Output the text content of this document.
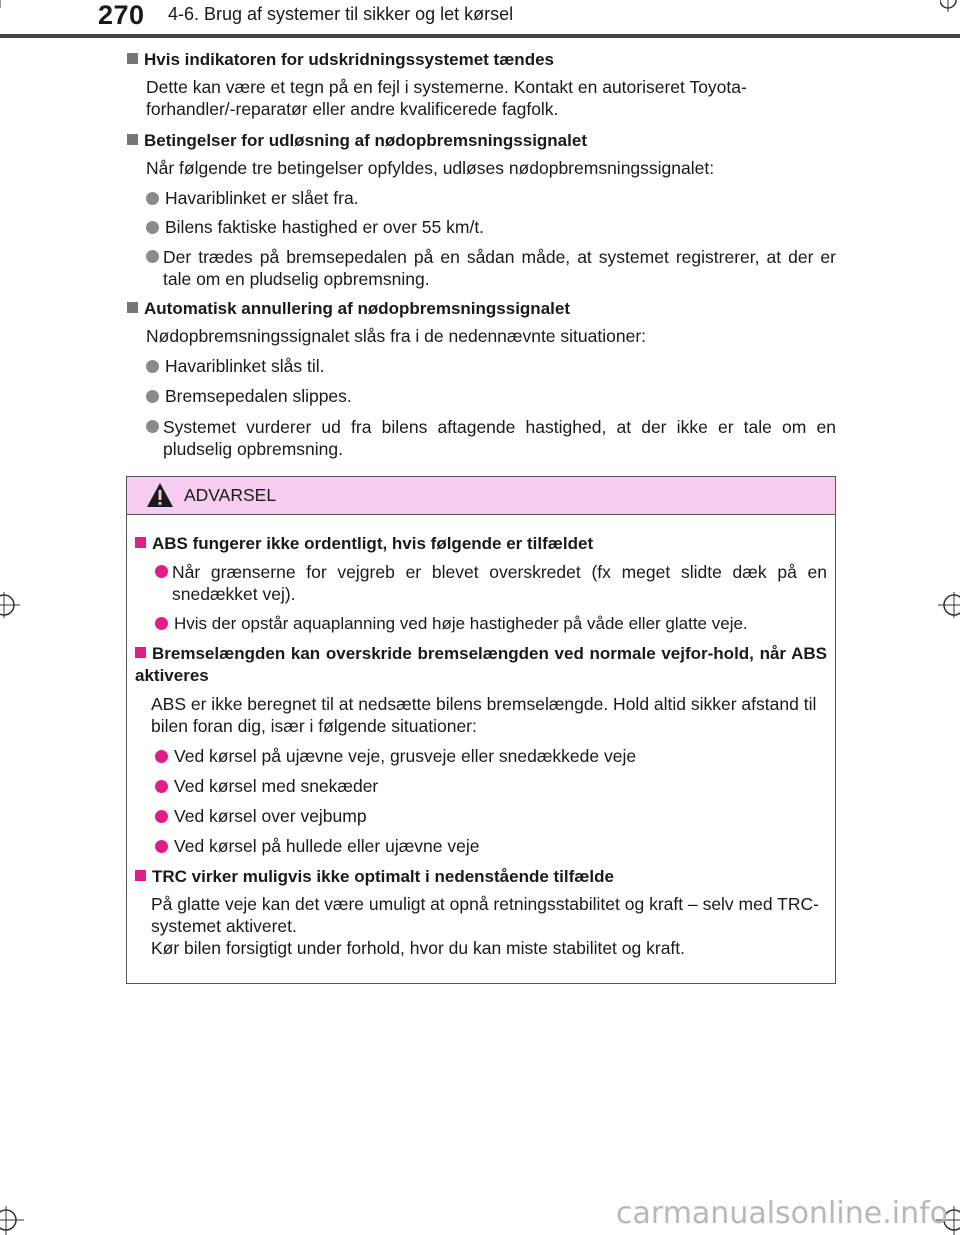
270 4-6. Brug af systemer til sikker og let kørsel
Hvis indikatoren for udskridningssystemet tændes
Dette kan være et tegn på en fejl i systemerne. Kontakt en autoriseret Toyota-forhandler/-reparatør eller andre kvalificerede fagfolk.
Betingelser for udløsning af nødopbremsningssignalet
Når følgende tre betingelser opfyldes, udløses nødopbremsningssignalet:
Havariblinket er slået fra.
Bilens faktiske hastighed er over 55 km/t.
Der trædes på bremsepedalen på en sådan måde, at systemet registrerer, at der er tale om en pludselig opbremsning.
Automatisk annullering af nødopbremsningssignalet
Nødopbremsningssignalet slås fra i de nedennævnte situationer:
Havariblinket slås til.
Bremsepedalen slippes.
Systemet vurderer ud fra bilens aftagende hastighed, at der ikke er tale om en pludselig opbremsning.
ADVARSEL
ABS fungerer ikke ordentligt, hvis følgende er tilfældet
Når grænserne for vejgreb er blevet overskredet (fx meget slidte dæk på en snedækket vej).
Hvis der opstår aquaplanning ved høje hastigheder på våde eller glatte veje.
Bremselængden kan overskride bremselængden ved normale vejfor-hold, når ABS aktiveres
ABS er ikke beregnet til at nedsætte bilens bremselængde. Hold altid sikker afstand til bilen foran dig, især i følgende situationer:
Ved kørsel på ujævne veje, grusveje eller snedækkede veje
Ved kørsel med snekæder
Ved kørsel over vejbump
Ved kørsel på hullede eller ujævne veje
TRC virker muligvis ikke optimalt i nedenstående tilfælde
På glatte veje kan det være umuligt at opnå retningsstabilitet og kraft – selv med TRC-systemet aktiveret.
Kør bilen forsigtigt under forhold, hvor du kan miste stabilitet og kraft.
carmanualsonline.info
